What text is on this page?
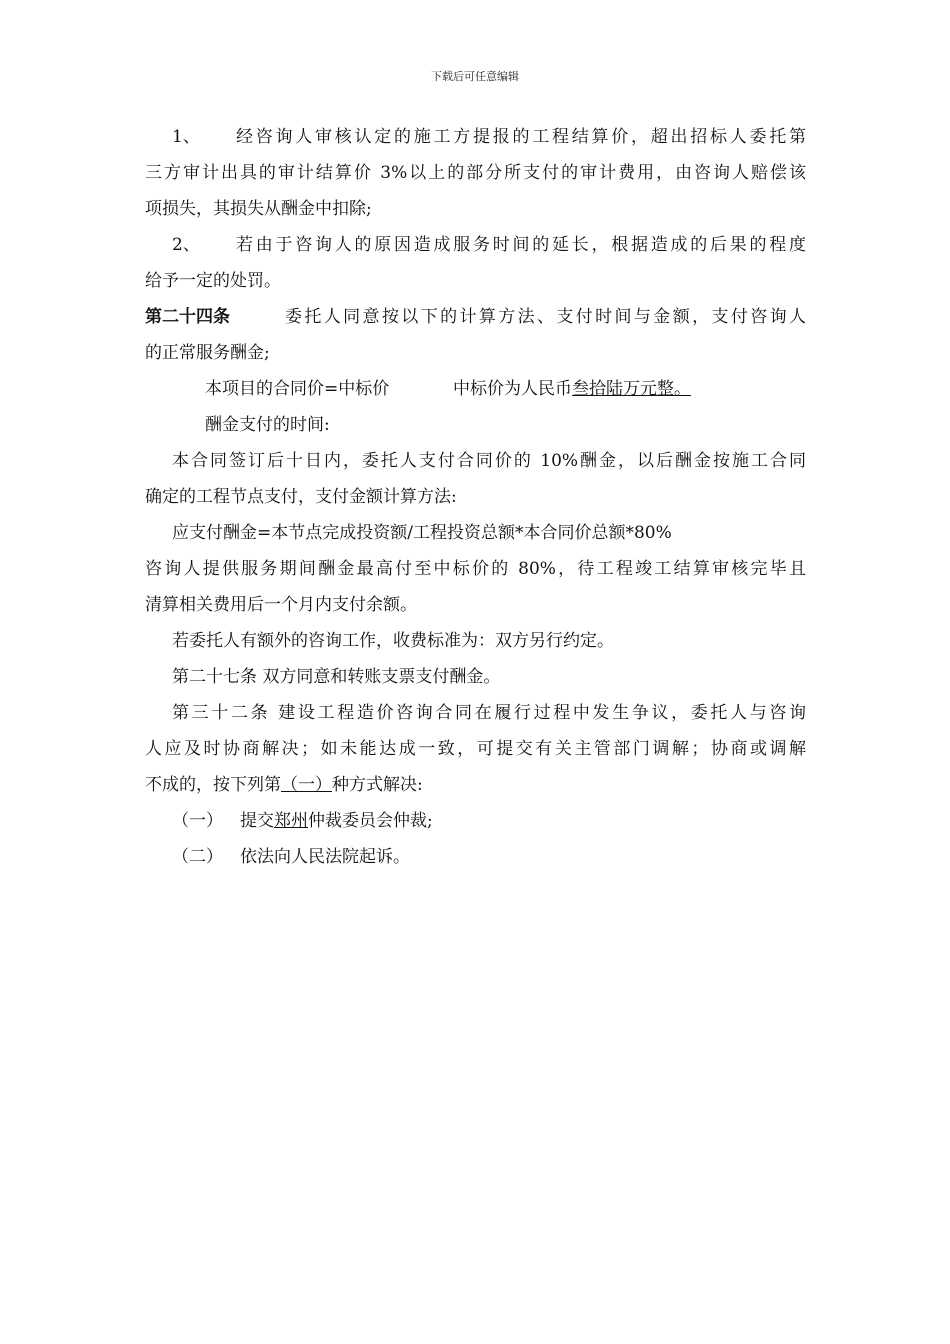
下载后可任意编辑
1、 经咨询人审核认定的施工方提报的工程结算价，超出招标人委托第
三方审计出具的审计结算价 3%以上的部分所支付的审计费用，由咨询人赔偿该
项损失，其损失从酬金中扣除;
2、 若由于咨询人的原因造成服务时间的延长，根据造成的后果的程度
给予一定的处罚。
第二十四条	委托人同意按以下的计算方法、支付时间与金额，支付咨询人
的正常服务酬金;
本项目的合同价=中标价	中标价为人民币叁拾陆万元整。
酬金支付的时间:
本合同签订后十日内，委托人支付合同价的 10%酬金，以后酬金按施工合同
确定的工程节点支付，支付金额计算方法:
应支付酬金=本节点完成投资额/工程投资总额*本合同价总额*80%
咨询人提供服务期间酬金最高付至中标价的 80%，待工程竣工结算审核完毕且
清算相关费用后一个月内支付余额。
若委托人有额外的咨询工作，收费标准为：双方另行约定。
第二十七条 双方同意和转账支票支付酬金。
第三十二条 建设工程造价咨询合同在履行过程中发生争议，委托人与咨询
人应及时协商解决；如未能达成一致，可提交有关主管部门调解；协商或调解
不成的，按下列第（一）种方式解决:
（一） 提交郑州仲裁委员会仲裁;
（二） 依法向人民法院起诉。
